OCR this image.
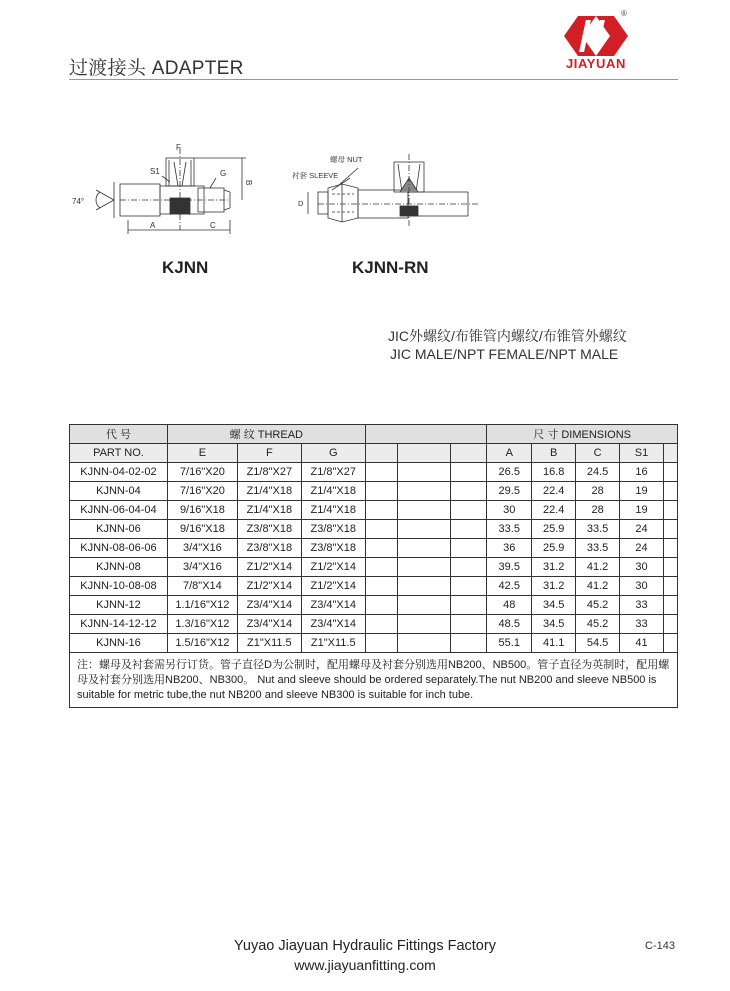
过渡接头 ADAPTER
®
JIAYUAN
F
S1	G
B
74°
A	C
螺母 NUT
衬套 SLEEVE
D
KJNN	KJNN-RN
JIC外螺纹/布锥管内螺纹/布锥管外螺纹
JIC MALE/NPT FEMALE/NPT MALE
代 号	螺 纹 THREAD						尺 寸 DIMENSIONS				
PART NO.	E	F	G				A	B	C	S1	
KJNN-04-02-02	7/16"X20	Z1/8"X27	Z1/8"X27				26.5	16.8	24.5	16	
KJNN-04	7/16"X20	Z1/4"X18	Z1/4"X18				29.5	22.4	28	19	
KJNN-06-04-04	9/16"X18	Z1/4"X18	Z1/4"X18				30	22.4	28	19	
KJNN-06	9/16"X18	Z3/8"X18	Z3/8"X18				33.5	25.9	33.5	24	
KJNN-08-06-06	3/4"X16	Z3/8"X18	Z3/8"X18				36	25.9	33.5	24	
KJNN-08	3/4"X16	Z1/2"X14	Z1/2"X14				39.5	31.2	41.2	30	
KJNN-10-08-08	7/8"X14	Z1/2"X14	Z1/2"X14				42.5	31.2	41.2	30	
KJNN-12	1.1/16"X12	Z3/4"X14	Z3/4"X14				48	34.5	45.2	33	
KJNN-14-12-12	1.3/16"X12	Z3/4"X14	Z3/4"X14				48.5	34.5	45.2	33	
KJNN-16	1.5/16"X12	Z1"X11.5	Z1"X11.5				55.1	41.1	54.5	41	
注：螺母及衬套需另行订货。管子直径D为公制时，配用螺母及衬套分别选用NB200、NB500。管子直径为英制时，配用螺母及衬套分别选用NB200、NB300。 Nut and sleeve should be ordered separately.The nut NB200 and sleeve NB500 is suitable for metric tube,the nut NB200 and sleeve NB300 is suitable for inch tube.											
Yuyao Jiayuan Hydraulic Fittings Factory
www.jiayuanfitting.com
C-143
